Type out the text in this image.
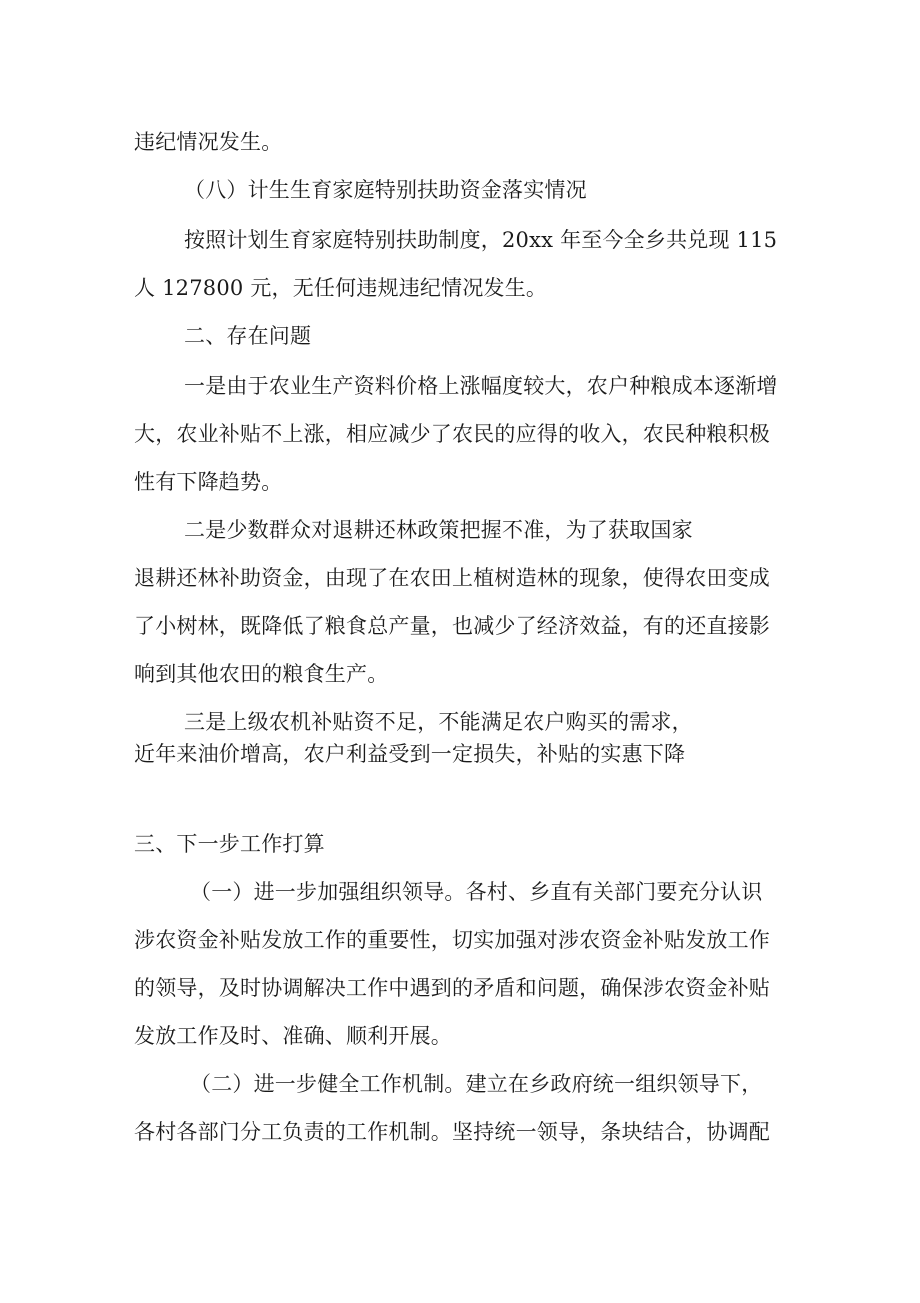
违纪情况发生。
（八）计生生育家庭特别扶助资金落实情况
按照计划生育家庭特别扶助制度，20xx 年至今全乡共兑现 115
人 127800 元，无任何违规违纪情况发生。
二、存在问题
一是由于农业生产资料价格上涨幅度较大，农户种粮成本逐渐增
大，农业补贴不上涨，相应减少了农民的应得的收入，农民种粮积极
性有下降趋势。
二是少数群众对退耕还林政策把握不准，为了获取国家
退耕还林补助资金，由现了在农田上植树造林的现象，使得农田变成
了小树林，既降低了粮食总产量，也减少了经济效益，有的还直接影
响到其他农田的粮食生产。
三是上级农机补贴资不足，不能满足农户购买的需求，
近年来油价增高，农户利益受到一定损失，补贴的实惠下降
三、下一步工作打算
（一）进一步加强组织领导。各村、乡直有关部门要充分认识
涉农资金补贴发放工作的重要性，切实加强对涉农资金补贴发放工作
的领导，及时协调解决工作中遇到的矛盾和问题，确保涉农资金补贴
发放工作及时、准确、顺利开展。
（二）进一步健全工作机制。建立在乡政府统一组织领导下，
各村各部门分工负责的工作机制。坚持统一领导，条块结合，协调配
